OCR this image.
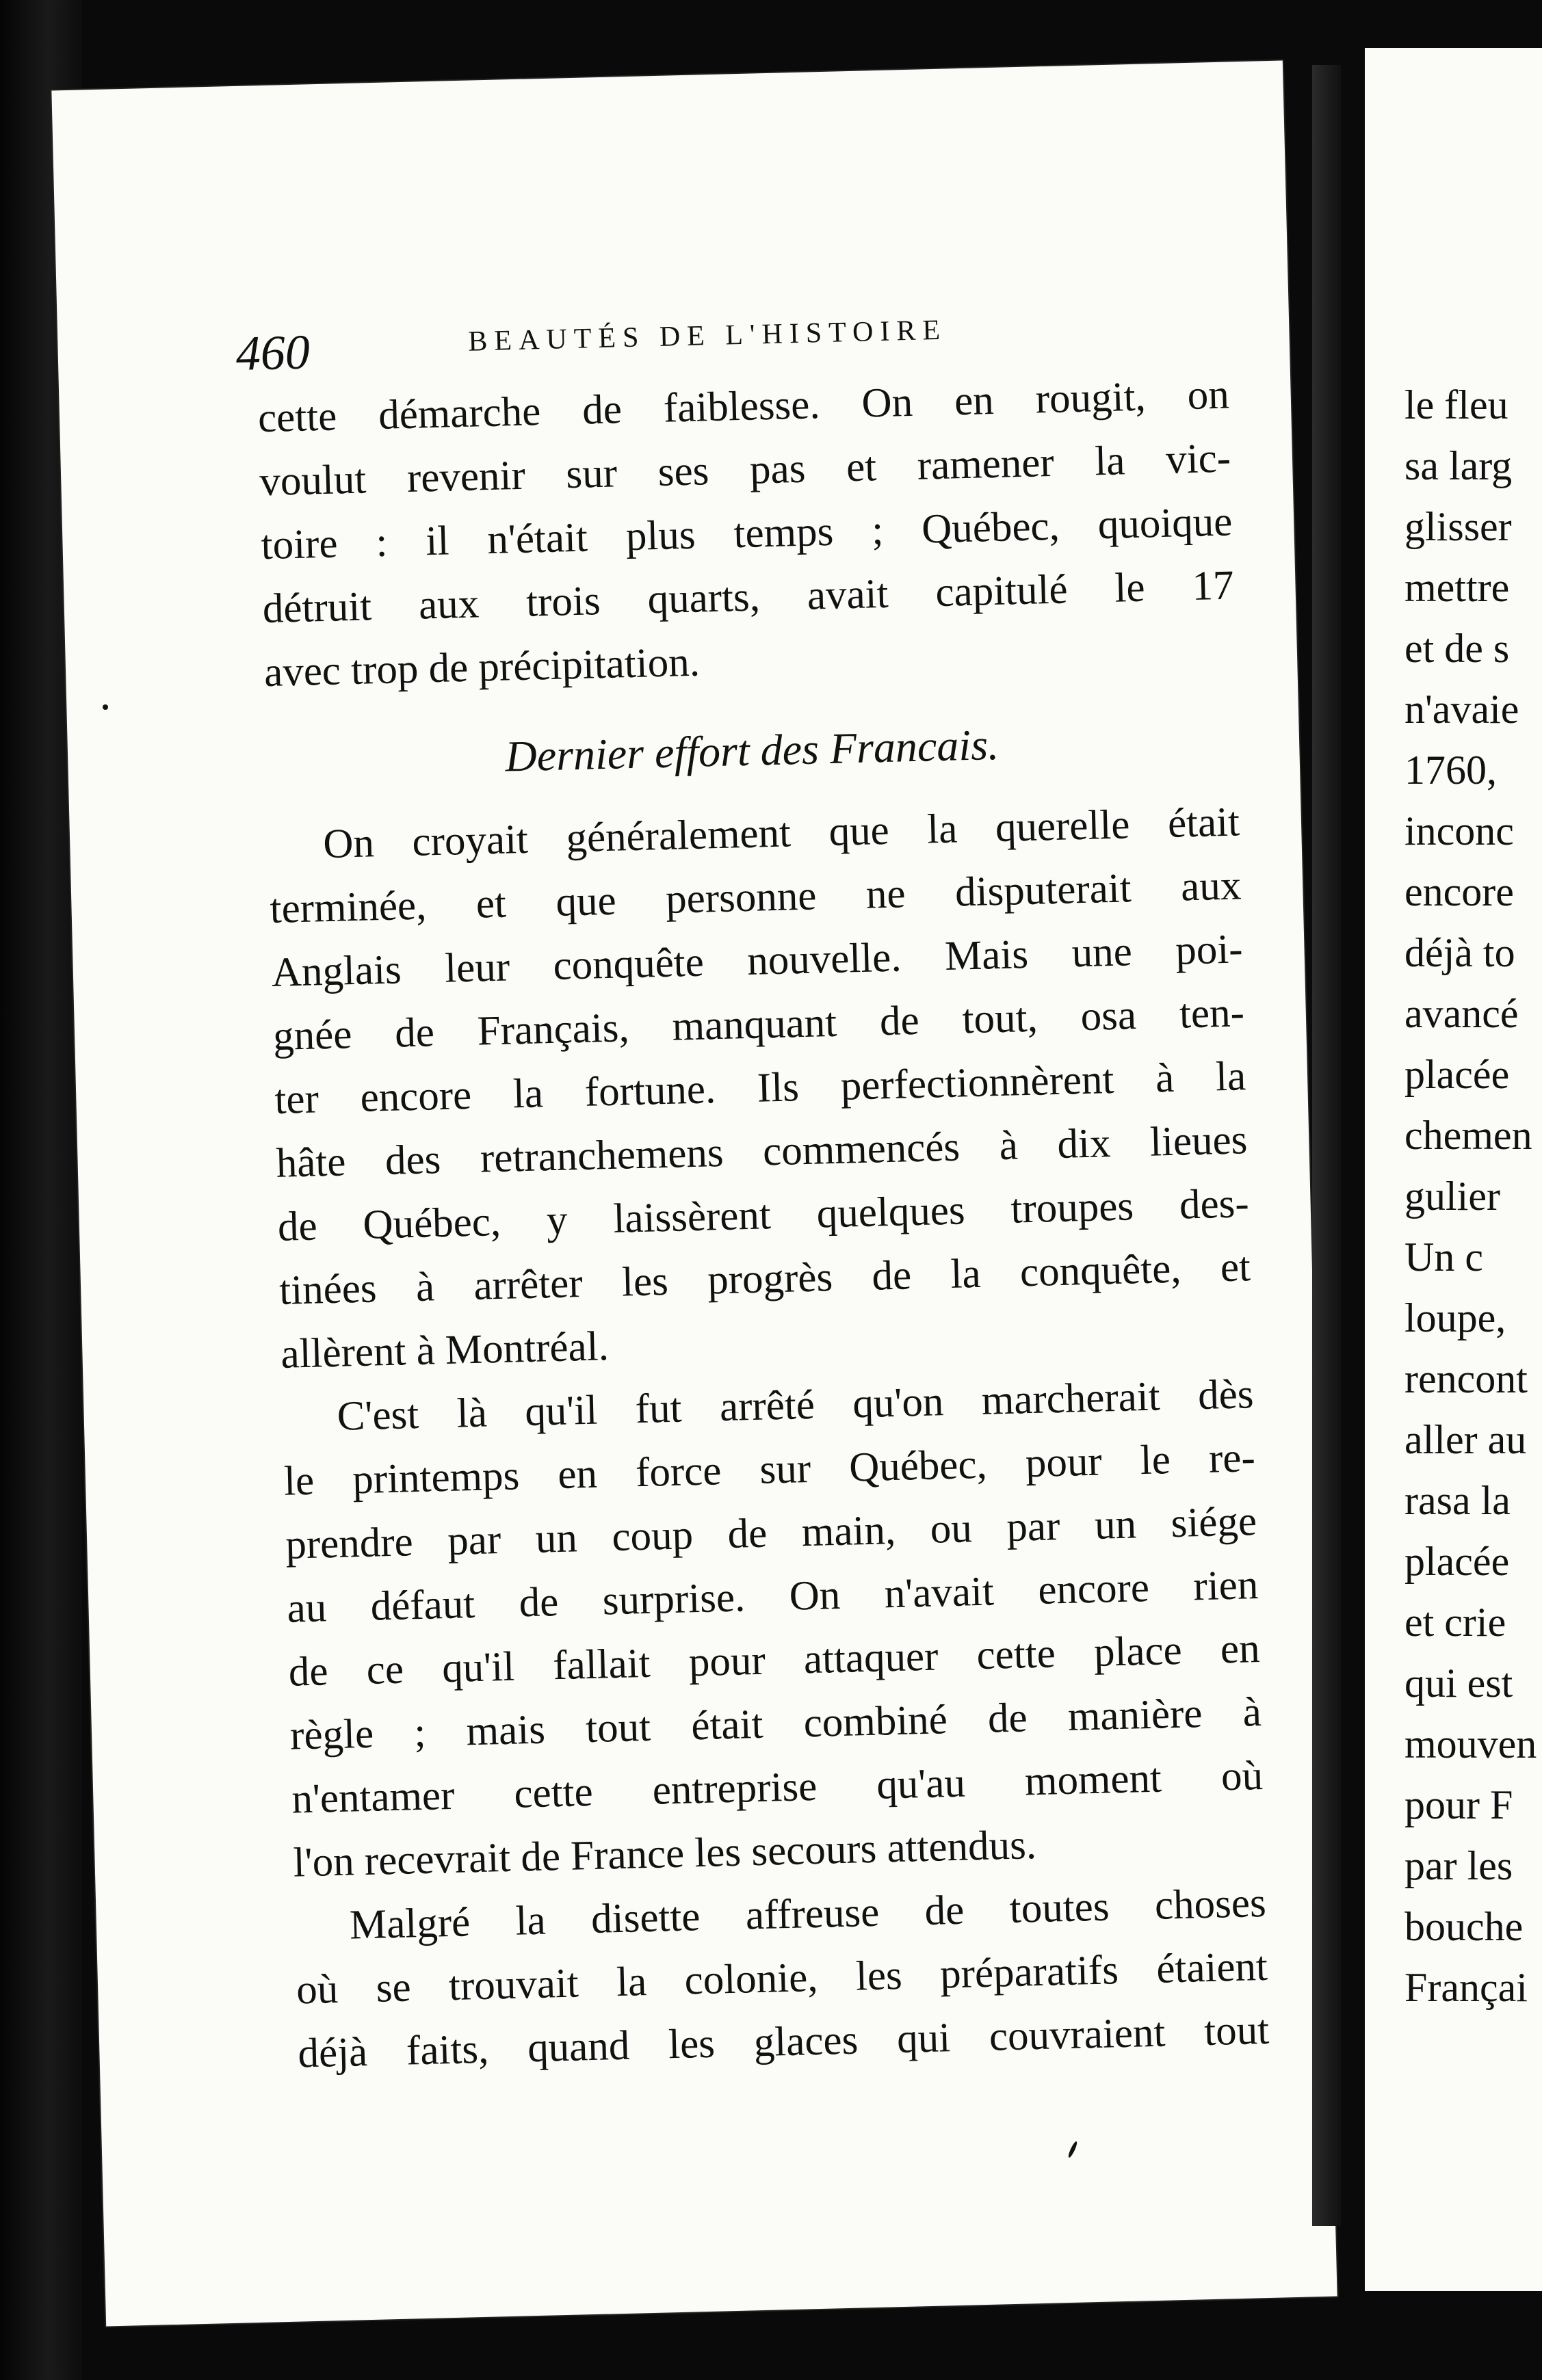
460	BEAUTÉS DE L'HISTOIRE
cette démarche de faiblesse. On en rougit, on
voulut revenir sur ses pas et ramener la vic-
toire : il n'était plus temps ; Québec, quoique
détruit aux trois quarts, avait capitulé le 17
avec trop de précipitation.
Dernier effort des Francais.
On croyait généralement que la querelle était
terminée, et que personne ne disputerait aux
Anglais leur conquête nouvelle. Mais une poi-
gnée de Français, manquant de tout, osa ten-
ter encore la fortune. Ils perfectionnèrent à la
hâte des retranchemens commencés à dix lieues
de Québec, y laissèrent quelques troupes des-
tinées à arrêter les progrès de la conquête, et
allèrent à Montréal.
C'est là qu'il fut arrêté qu'on marcherait dès
le printemps en force sur Québec, pour le re-
prendre par un coup de main, ou par un siége
au défaut de surprise. On n'avait encore rien
de ce qu'il fallait pour attaquer cette place en
règle ; mais tout était combiné de manière à
n'entamer cette entreprise qu'au moment où
l'on recevrait de France les secours attendus.
Malgré la disette affreuse de toutes choses
où se trouvait la colonie, les préparatifs étaient
déjà faits, quand les glaces qui couvraient tout
le fleu
sa larg
glisser
mettre
et de s
n'avaie
1760,
inconc
encore
déjà to
avancé
placée
chemen
gulier
Un c
loupe,
rencont
aller au
rasa la
placée
et crie
qui est
mouven
pour F
par les
bouche
Françai
